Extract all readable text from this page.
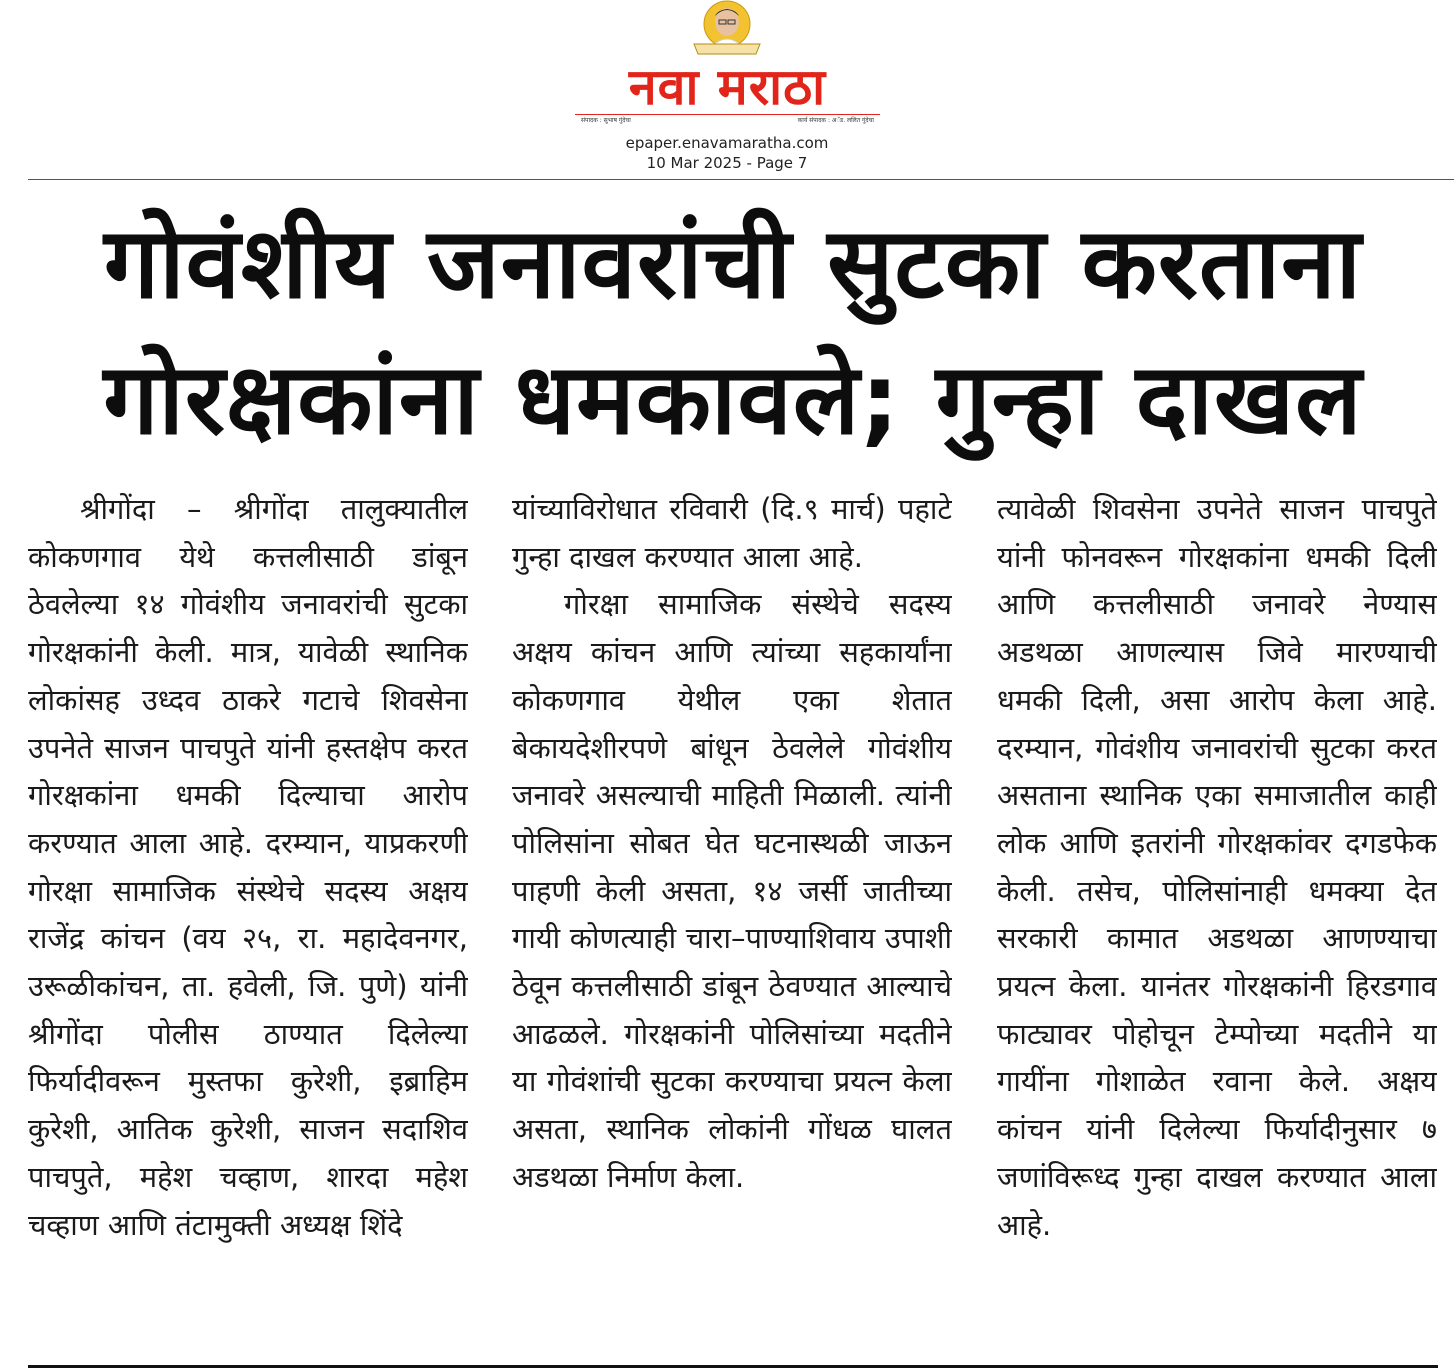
नवा मराठा
संपादक : सुभाष गुंदेचा	कार्य संपादक : अॅड. ललित गुंदेचा
epaper.enavamaratha.com
10 Mar 2025 - Page 7
गोवंशीय जनावरांची सुटका करताना गोरक्षकांना धमकावले; गुन्हा दाखल

श्रीगोंदा – श्रीगोंदा तालुक्यातील कोकणगाव येथे कत्तलीसाठी डांबून ठेवलेल्या १४ गोवंशीय जनावरांची सुटका गोरक्षकांनी केली. मात्र, यावेळी स्थानिक लोकांसह उध्दव ठाकरे गटाचे शिवसेना उपनेते साजन पाचपुते यांनी हस्तक्षेप करत गोरक्षकांना धमकी दिल्याचा आरोप करण्यात आला आहे. दरम्यान, याप्रकरणी गोरक्षा सामाजिक संस्थेचे सदस्य अक्षय राजेंद्र कांचन (वय २५, रा. महादेवनगर, उरूळीकांचन, ता. हवेली, जि. पुणे) यांनी श्रीगोंदा पोलीस ठाण्यात दिलेल्या फिर्यादीवरून मुस्तफा कुरेशी, इब्राहिम कुरेशी, आतिक कुरेशी, साजन सदाशिव पाचपुते, महेश चव्हाण, शारदा महेश चव्हाण आणि तंटामुक्ती अध्यक्ष शिंदे

यांच्याविरोधात रविवारी (दि.९ मार्च) पहाटे गुन्हा दाखल करण्यात आला आहे.

गोरक्षा सामाजिक संस्थेचे सदस्य अक्षय कांचन आणि त्यांच्या सहकार्यांना कोकणगाव येथील एका शेतात बेकायदेशीरपणे बांधून ठेवलेले गोवंशीय जनावरे असल्याची माहिती मिळाली. त्यांनी पोलिसांना सोबत घेत घटनास्थळी जाऊन पाहणी केली असता, १४ जर्सी जातीच्या गायी कोणत्याही चारा–पाण्याशिवाय उपाशी ठेवून कत्तलीसाठी डांबून ठेवण्यात आल्याचे आढळले. गोरक्षकांनी पोलिसांच्या मदतीने या गोवंशांची सुटका करण्याचा प्रयत्न केला असता, स्थानिक लोकांनी गोंधळ घालत अडथळा निर्माण केला.

त्यावेळी शिवसेना उपनेते साजन पाचपुते यांनी फोनवरून गोरक्षकांना धमकी दिली आणि कत्तलीसाठी जनावरे नेण्यास अडथळा आणल्यास जिवे मारण्याची धमकी दिली, असा आरोप केला आहे. दरम्यान, गोवंशीय जनावरांची सुटका करत असताना स्थानिक एका समाजातील काही लोक आणि इतरांनी गोरक्षकांवर दगडफेक केली. तसेच, पोलिसांनाही धमक्या देत सरकारी कामात अडथळा आणण्याचा प्रयत्न केला. यानंतर गोरक्षकांनी हिरडगाव फाट्यावर पोहोचून टेम्पोच्या मदतीने या गायींना गोशाळेत रवाना केले. अक्षय कांचन यांनी दिलेल्या फिर्यादीनुसार ७ जणांविरूध्द गुन्हा दाखल करण्यात आला आहे.
